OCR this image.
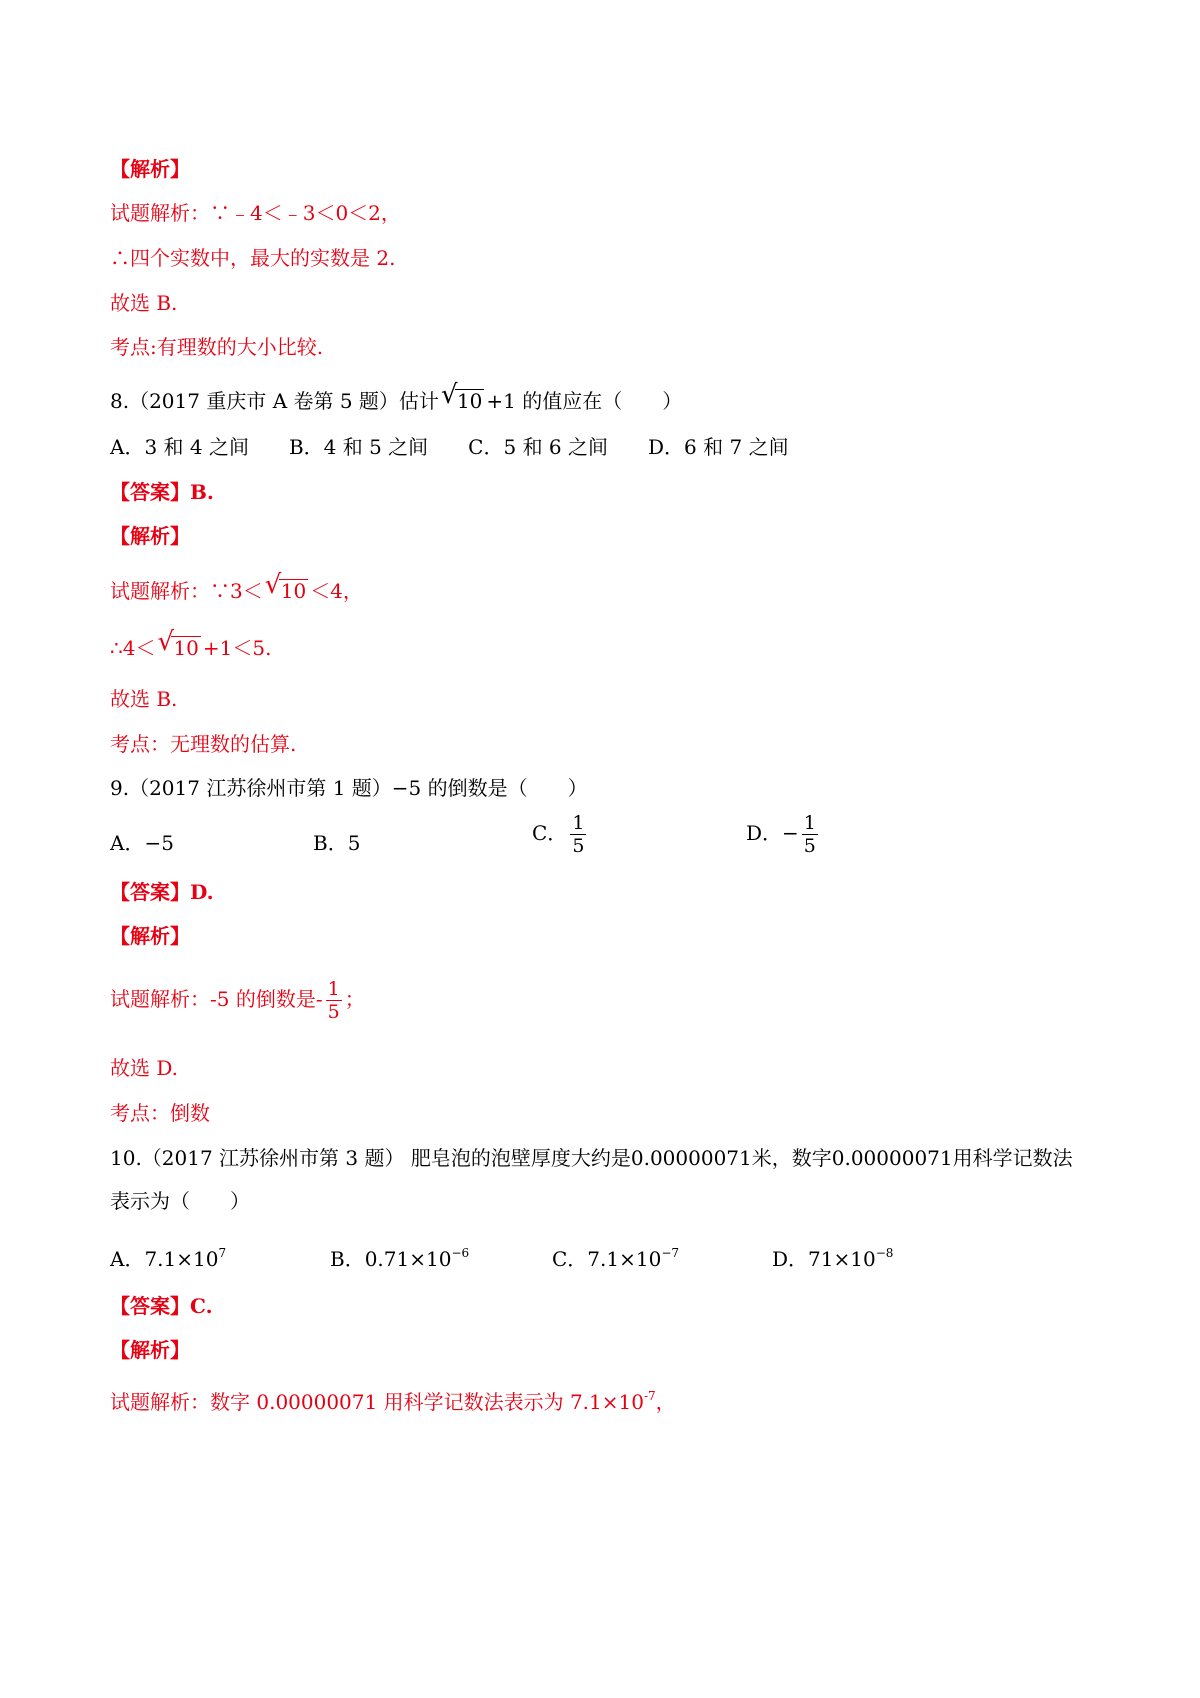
【解析】
试题解析：∵﹣4＜﹣3＜0＜2，
∴四个实数中，最大的实数是 2.
故选 B.
考点:有理数的大小比较.
8.（2017 重庆市 A 卷第 5 题）估计 √ 10 +1 的值应在（　　）
A．3 和 4 之间　　B．4 和 5 之间　　C．5 和 6 之间　　D．6 和 7 之间
【答案】B.
【解析】
试题解析：∵3＜ √ 10 ＜4，
∴4＜ √ 10 +1＜5.
故选 B.
考点：无理数的估算.
9.（2017 江苏徐州市第 1 题）−5 的倒数是（　　）
A．−5	B．5	C． $\frac{1}{5}$	D．− $\frac{1}{5}$
【答案】D.
【解析】
试题解析：-5 的倒数是- $\frac{1}{5}$ ；
故选 D.
考点：倒数
10.（2017 江苏徐州市第 3 题） 肥皂泡的泡壁厚度大约是0.00000071米，数字0.00000071用科学记数法
表示为（　　）
A．$7.1\times 10^7$	B．$0.71\times 10^{-6}$	C．$7.1\times 10^{-7}$	D．$71\times 10^{-8}$
【答案】C.
【解析】
试题解析：数字 0.00000071 用科学记数法表示为 $7.1\times 10^{-7}$，
